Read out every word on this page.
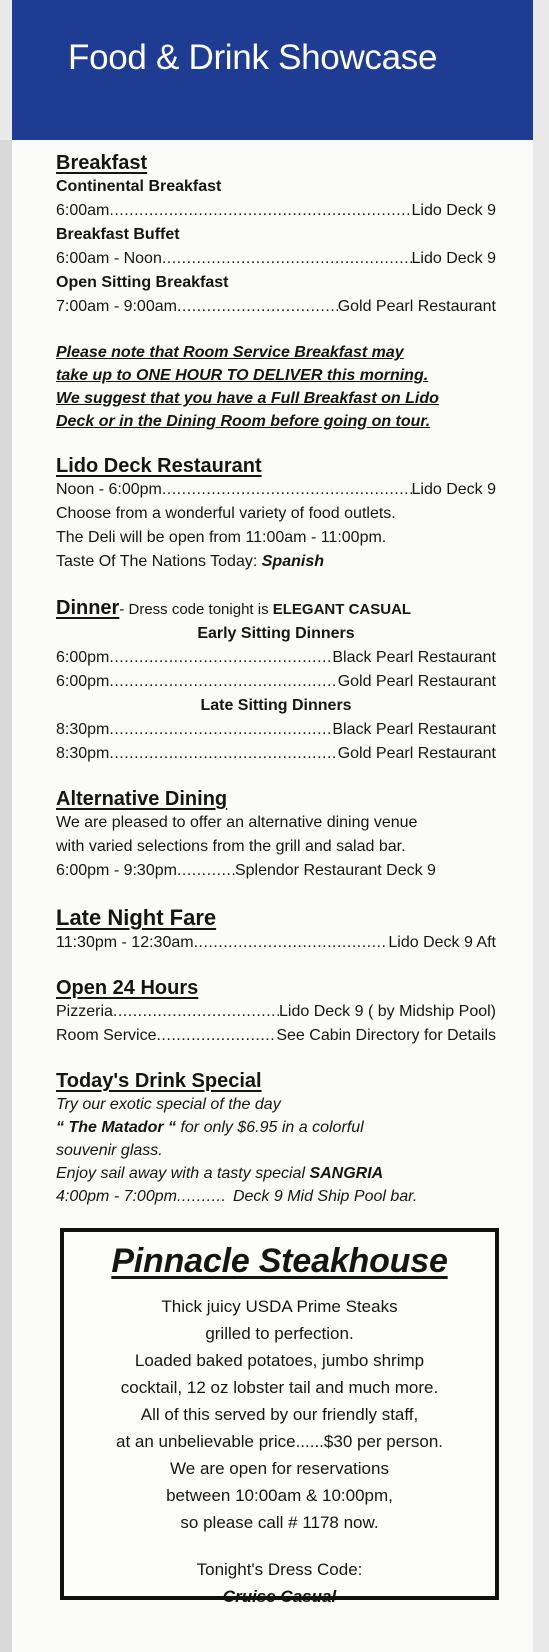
Food & Drink Showcase
Breakfast
Continental Breakfast
6:00am .....	Lido Deck 9
Breakfast Buffet
6:00am - Noon .....	Lido Deck 9
Open Sitting Breakfast
7:00am - 9:00am .....	Gold Pearl Restaurant
Please note that Room Service Breakfast may
take up to ONE HOUR TO DELIVER this morning.
We suggest that you have a Full Breakfast on Lido
Deck or in the Dining Room before going on tour.
Lido Deck Restaurant
Noon - 6:00pm .....	Lido Deck 9
Choose from a wonderful variety of food outlets.
The Deli will be open from 11:00am - 11:00pm.
Taste Of The Nations Today: Spanish
Dinner- Dress code tonight is ELEGANT CASUAL
Early Sitting Dinners
6:00pm .....	Black Pearl Restaurant
6:00pm .....	Gold Pearl Restaurant
Late Sitting Dinners
8:30pm .....	Black Pearl Restaurant
8:30pm .....	Gold Pearl Restaurant
Alternative Dining
We are pleased to offer an alternative dining venue
with varied selections from the grill and salad bar.
6:00pm - 9:30pm .....	Splendor Restaurant Deck 9
Late Night Fare
11:30pm - 12:30am .....	Lido Deck 9 Aft
Open 24 Hours
Pizzeria .....	Lido Deck 9 ( by Midship Pool)
Room Service .....	See Cabin Directory for Details
Today's Drink Special
Try our exotic special of the day
“ The Matador “ for only $6.95 in a colorful
souvenir glass.
Enjoy sail away with a tasty special SANGRIA
4:00pm - 7:00pm .....	Deck 9 Mid Ship Pool bar.
Pinnacle Steakhouse
Thick juicy USDA Prime Steaks
grilled to perfection.
Loaded baked potatoes, jumbo shrimp
cocktail, 12 oz lobster tail and much more.
All of this served by our friendly staff,
at an unbelievable price......$30 per person.
We are open for reservations
between 10:00am & 10:00pm,
so please call # 1178 now.
Tonight's Dress Code:
Cruise Casual
